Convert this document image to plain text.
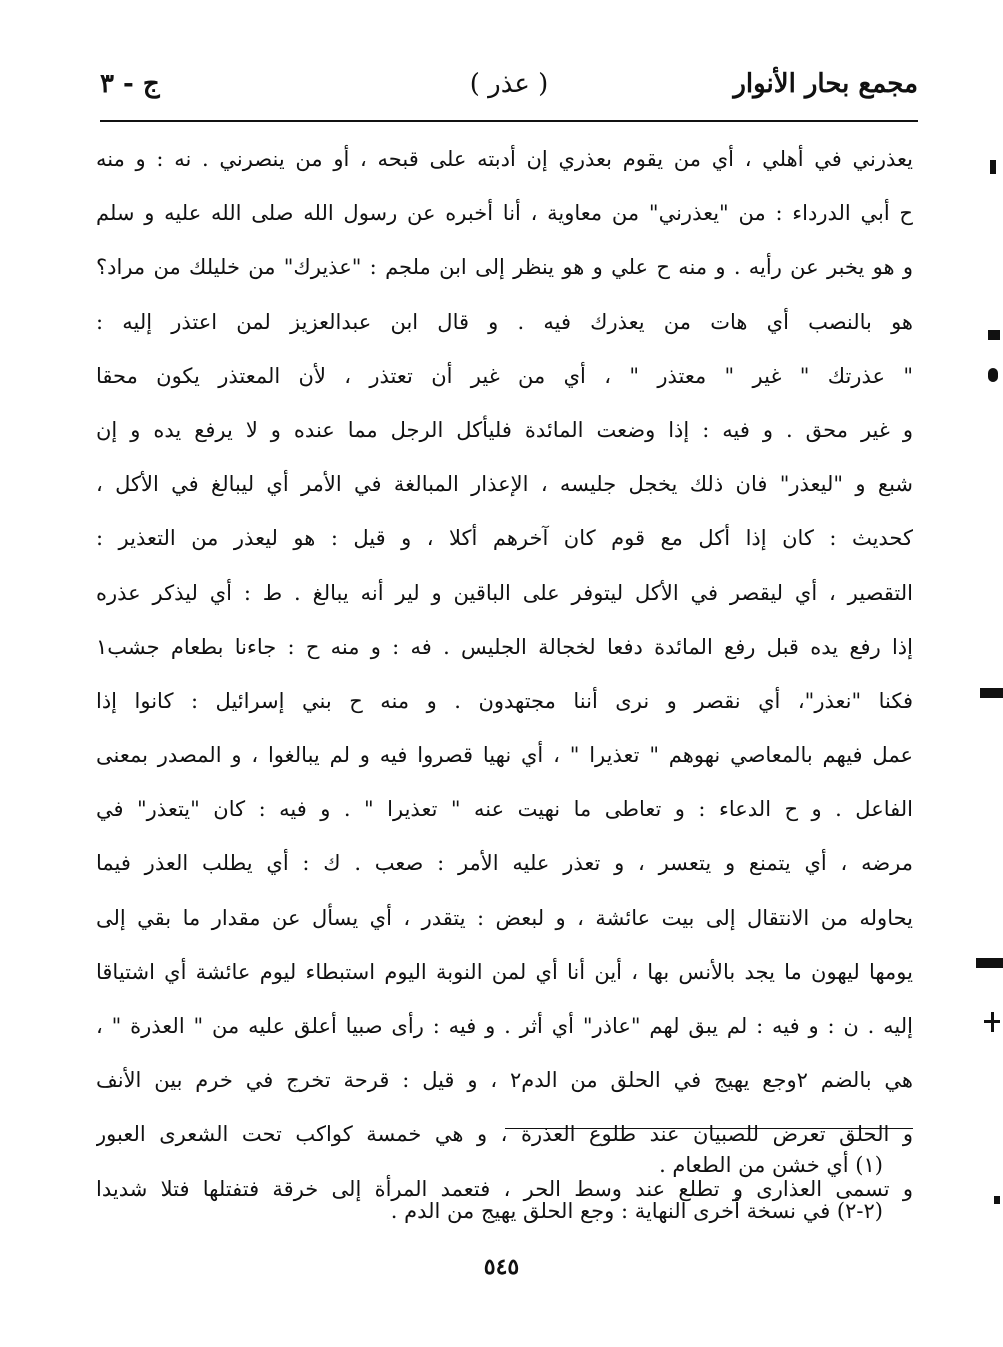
مجمع بحار الأنوار
( عذر )
ج - ٣
يعذرني في أهلي ، أي من يقوم بعذري إن أدبته على قبحه ، أو من ينصرني . نه : و منه
ح أبي الدرداء : من "يعذرني" من معاوية ، أنا أخبره عن رسول الله صلى الله عليه و سلم
و هو يخبر عن رأيه . و منه ح علي و هو ينظر إلى ابن ملجم : "عذيرك" من خليلك من مراد؟
هو بالنصب أي هات من يعذرك فيه . و قال ابن عبدالعزيز لمن اعتذر إليه :
" عذرتك " غير " معتذر " ، أي من غير أن تعتذر ، لأن المعتذر يكون محقا
و غير محق . و فيه : إذا وضعت المائدة فليأكل الرجل مما عنده و لا يرفع يده و إن
شبع و "ليعذر" فان ذلك يخجل جليسه ، الإعذار المبالغة في الأمر أي ليبالغ في الأكل ،
كحديث : كان إذا أكل مع قوم كان آخرهم أكلا ، و قيل : هو ليعذر من التعذير :
التقصير ، أي ليقصر في الأكل ليتوفر على الباقين و لير أنه يبالغ . ط : أي ليذكر عذره
إذا رفع يده قبل رفع المائدة دفعا لخجالة الجليس . فه : و منه ح : جاءنا بطعام جشب١
فكنا "نعذر"، أي نقصر و نرى أننا مجتهدون . و منه ح بني إسرائيل : كانوا إذا
عمل فيهم بالمعاصي نهوهم " تعذيرا " ، أي نهيا قصروا فيه و لم يبالغوا ، و المصدر بمعنى
الفاعل . و ح الدعاء : و تعاطى ما نهيت عنه " تعذيرا " . و فيه : كان "يتعذر" في
مرضه ، أي يتمنع و يتعسر ، و تعذر عليه الأمر : صعب . ك : أي يطلب العذر فيما
يحاوله من الانتقال إلى بيت عائشة ، و لبعض : يتقدر ، أي يسأل عن مقدار ما بقي إلى
يومها ليهون ما يجد بالأنس بها ، أين أنا أي لمن النوبة اليوم استبطاء ليوم عائشة أي اشتياقا
إليه . ن : و فيه : لم يبق لهم "عاذر" أي أثر . و فيه : رأى صبيا أعلق عليه من " العذرة " ،
هي بالضم ٢وجع يهيج في الحلق من الدم٢ ، و قيل : قرحة تخرج في خرم بين الأنف
و الحلق تعرض للصبيان عند طلوع العذرة ، و هي خمسة كواكب تحت الشعرى العبور
و تسمى العذارى و تطلع عند وسط الحر ، فتعمد المرأة إلى خرقة فتفتلها فتلا شديدا
(١) أي خشن من الطعام .
(٢-٢) في نسخة أخرى النهاية : وجع الحلق يهيج من الدم .
٥٤٥
